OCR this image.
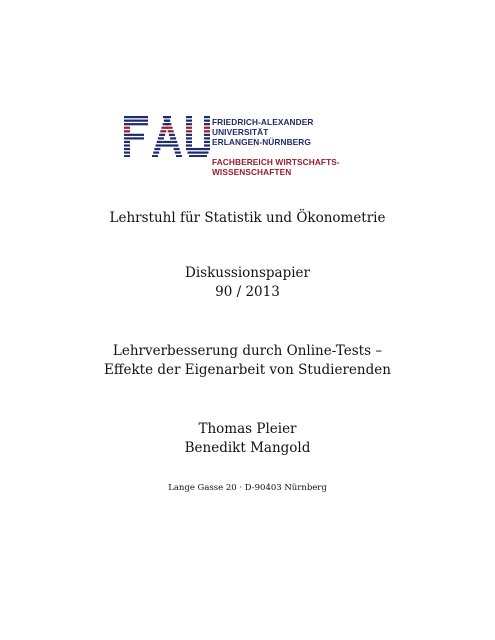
FRIEDRICH-ALEXANDER
UNIVERSITÄT
ERLANGEN-NÜRNBERG
FACHBEREICH WIRTSCHAFTS-
WISSENSCHAFTEN
Lehrstuhl für Statistik und Ökonometrie
Diskussionspapier
90 / 2013
Lehrverbesserung durch Online-Tests –
Effekte der Eigenarbeit von Studierenden
Thomas Pleier
Benedikt Mangold
Lange Gasse 20 · D-90403 Nürnberg
